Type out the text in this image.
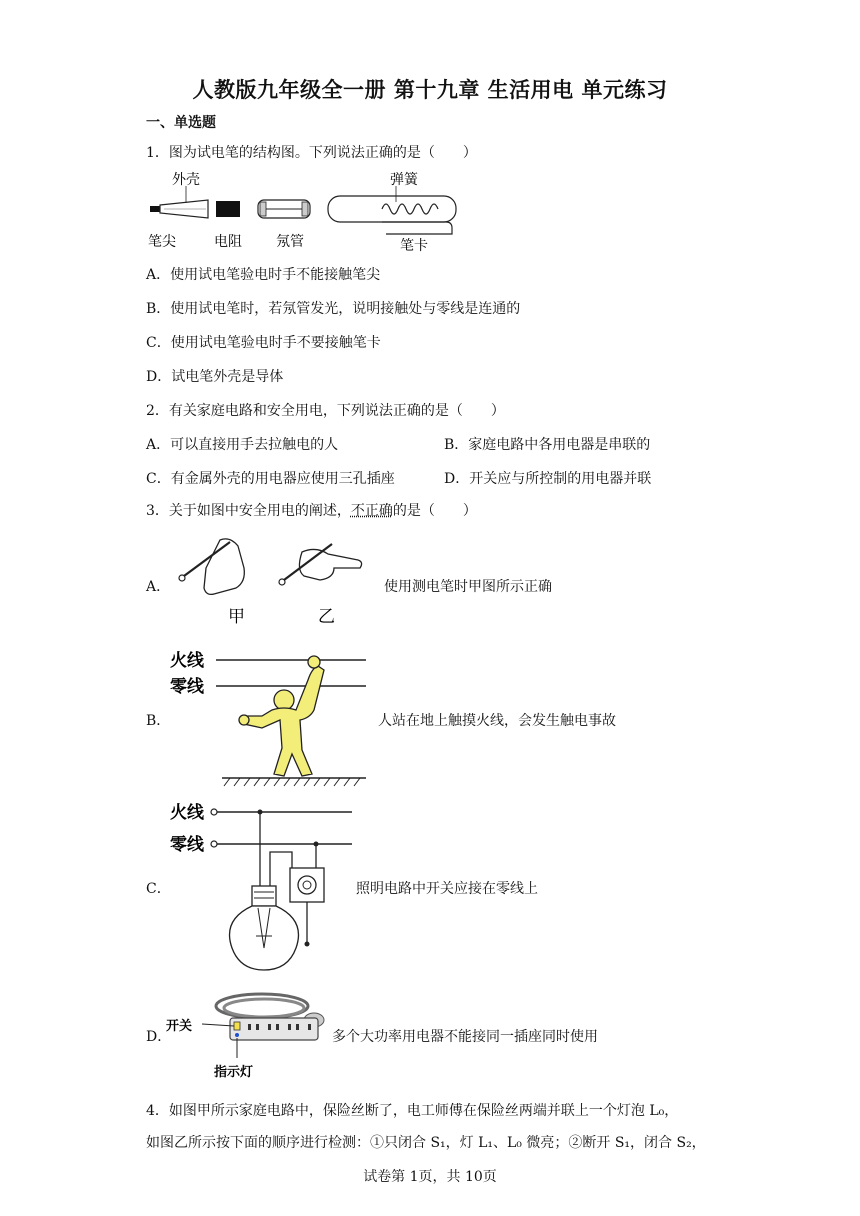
人教版九年级全一册 第十九章 生活用电 单元练习
一、单选题
1．图为试电笔的结构图。下列说法正确的是（　　）
外壳
笔尖	电阻 氖管
弹簧
笔卡
A．使用试电笔验电时手不能接触笔尖
B．使用试电笔时，若氖管发光，说明接触处与零线是连通的
C．使用试电笔验电时手不要接触笔卡
D．试电笔外壳是导体
2．有关家庭电路和安全用电，下列说法正确的是（　　）
A．可以直接用手去拉触电的人	B．家庭电路中各用电器是串联的
C．有金属外壳的用电器应使用三孔插座	D．开关应与所控制的用电器并联
3．关于如图中安全用电的阐述，不正确的是（　　）
A．
甲	乙
使用测电笔时甲图所示正确
B．
火线
零线
人站在地上触摸火线，会发生触电事故
C．
火线
零线
照明电路中开关应接在零线上
D．
开关
指示灯
多个大功率用电器不能接同一插座同时使用
4．如图甲所示家庭电路中，保险丝断了，电工师傅在保险丝两端并联上一个灯泡 L₀，
如图乙所示按下面的顺序进行检测：①只闭合 S₁，灯 L₁、L₀ 微亮；②断开 S₁，闭合 S₂，
试卷第 1页，共 10页
